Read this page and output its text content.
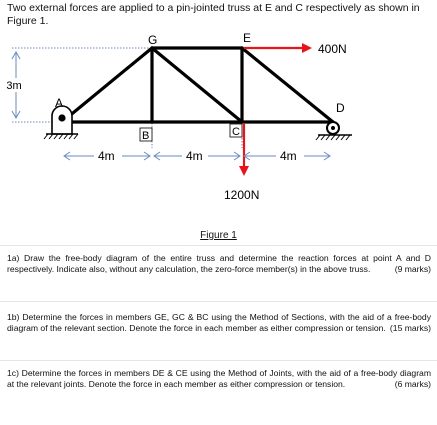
Two external forces are applied to a pin-jointed truss at E and C respectively as shown in Figure 1.
3m
G	E
A	D
B	C
400N
1200N
4m	4m	4m
Figure 1
1a) Draw the free-body diagram of the entire truss and determine the reaction forces at point A and D respectively. Indicate also, without any calculation, the zero-force member(s) in the above truss.	(9 marks)
1b) Determine the forces in members GE, GC & BC using the Method of Sections, with the aid of a free-body diagram of the relevant section. Denote the force in each member as either compression or tension. (15 marks)
1c) Determine the forces in members DE & CE using the Method of Joints, with the aid of a free-body diagram at the relevant joints. Denote the force in each member as either compression or tension.	(6 marks)
